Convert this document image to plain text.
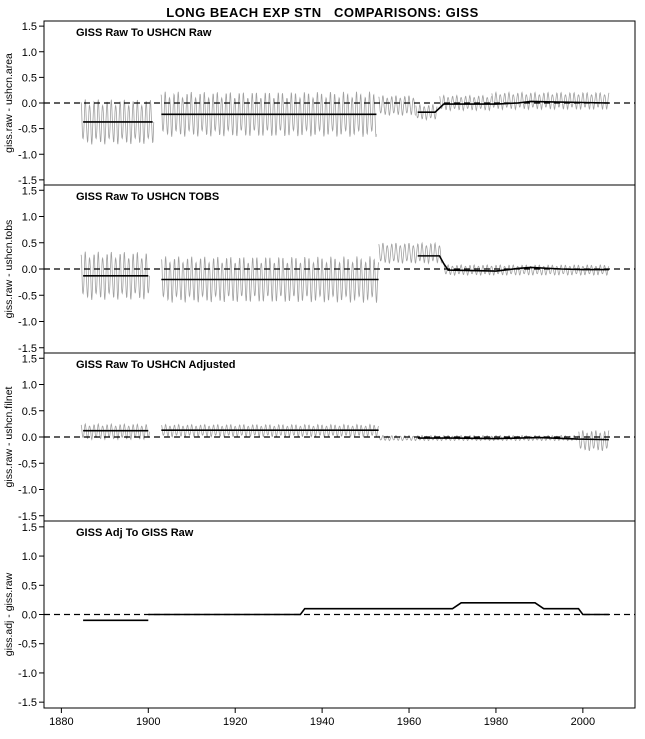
LONG BEACH EXP STN   COMPARISONS: GISS
1.5
1.0
0.5
0.0
-0.5
-1.0
-1.5
giss.raw - ushcn.area
GISS Raw To USHCN Raw
1.5
1.0
0.5
0.0
-0.5
-1.0
-1.5
giss.raw - ushcn.tobs
GISS Raw To USHCN TOBS
1.5
1.0
0.5
0.0
-0.5
-1.0
-1.5
giss.raw - ushcn.filnet
GISS Raw To USHCN Adjusted
1.5
1.0
0.5
0.0
-0.5
-1.0
-1.5
giss.adj - giss.raw
GISS Adj To GISS Raw
1880	1900	1920	1940	1960	1980	2000
